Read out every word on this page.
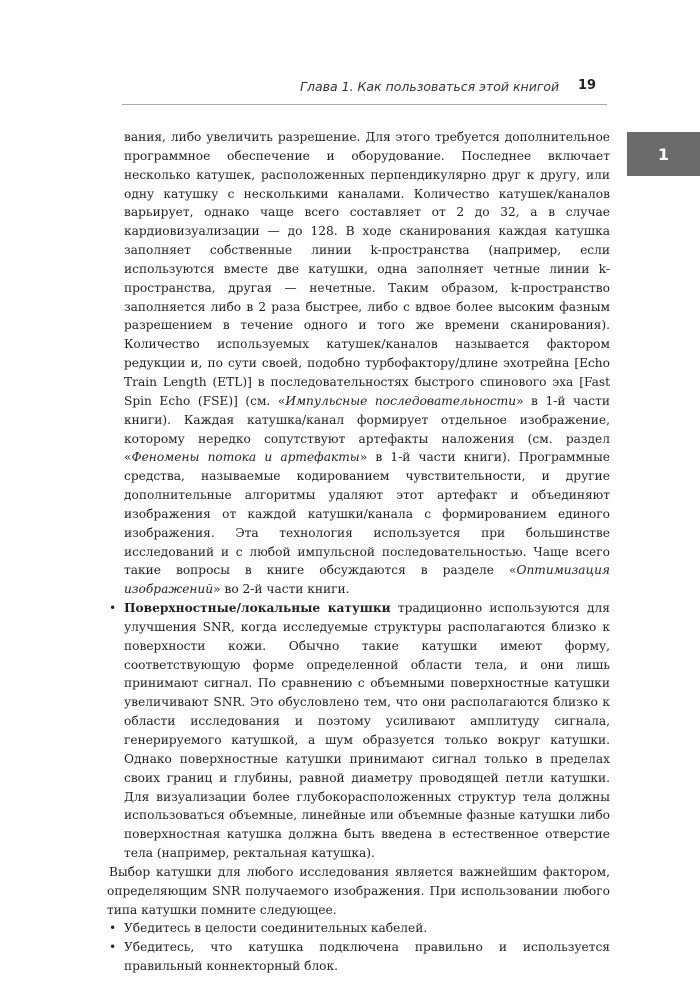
Глава 1. Как пользоваться этой книгой 19
1

вания, либо увеличить разрешение. Для этого требуется дополнительное программное обеспечение и оборудование. Последнее включает несколько катушек, расположенных перпендикулярно друг к другу, или одну катушку с несколькими каналами. Количество катушек/каналов варьирует, однако чаще всего составляет от 2 до 32, а в случае кардиовизуализации — до 128. В ходе сканирования каждая катушка заполняет собственные линии k-пространства (например, если используются вместе две катушки, одна заполняет четные линии k-пространства, другая — нечетные. Таким образом, k-пространство заполняется либо в 2 раза быстрее, либо с вдвое более высоким фазным разрешением в течение одного и того же времени сканирования). Количество используемых катушек/каналов называется фактором редукции и, по сути своей, подобно турбофактору/длине эхотрейна [Echo Train Length (ETL)] в последовательностях быстрого спинового эха [Fast Spin Echo (FSE)] (см. «Импульсные последовательности» в 1-й части книги). Каждая катушка/канал формирует отдельное изображение, которому нередко сопутствуют артефакты наложения (см. раздел «Феномены потока и артефакты» в 1-й части книги). Программные средства, называемые кодированием чувствительности, и другие дополнительные алгоритмы удаляют этот артефакт и объединяют изображения от каждой катушки/канала с формированием единого изображения. Эта технология используется при большинстве исследований и с любой импульсной последовательностью. Чаще всего такие вопросы в книге обсуждаются в разделе «Оптимизация изображений» во 2-й части книги.

•
Поверхностные/локальные катушки традиционно используются для улучшения SNR, когда исследуемые структуры располагаются близко к поверхности кожи. Обычно такие катушки имеют форму, соответствующую форме определенной области тела, и они лишь принимают сигнал. По сравнению с объемными поверхностные катушки увеличивают SNR. Это обусловлено тем, что они располагаются близко к области исследования и поэтому усиливают амплитуду сигнала, генерируемого катушкой, а шум образуется только вокруг катушки. Однако поверхностные катушки принимают сигнал только в пределах своих границ и глубины, равной диаметру проводящей петли катушки. Для визуализации более глубокорасположенных структур тела должны использоваться объемные, линейные или объемные фазные катушки либо поверхностная катушка должна быть введена в естественное отверстие тела (например, ректальная катушка).

Выбор катушки для любого исследования является важнейшим фактором, определяющим SNR получаемого изображения. При использовании любого типа катушки помните следующее.

•
Убедитесь в целости соединительных кабелей.

•
Убедитесь, что катушка подключена правильно и используется правильный коннекторный блок.
